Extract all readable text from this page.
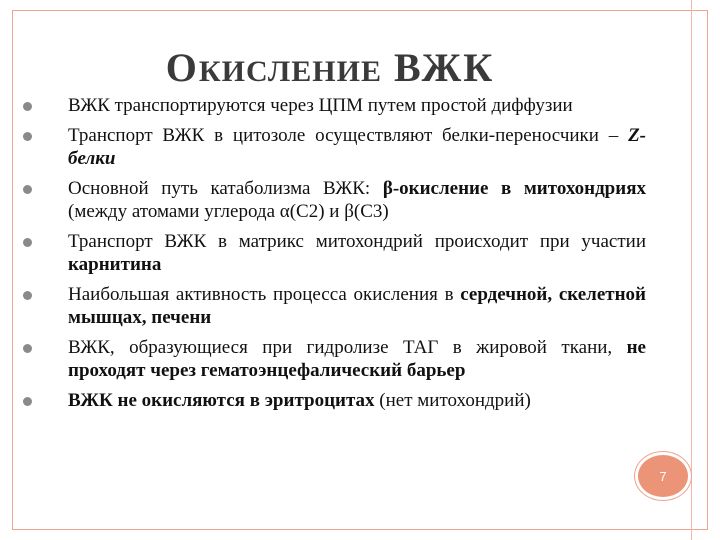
ОКИСЛЕНИЕ ВЖК
ВЖК транспортируются через ЦПМ путем простой диффузии
Транспорт ВЖК в цитозоле осуществляют белки-переносчики – Z-белки
Основной путь катаболизма ВЖК: β-окисление в митохондриях (между атомами углерода α(С2) и β(С3)
Транспорт ВЖК в матрикс митохондрий происходит при участии карнитина
Наибольшая активность процесса окисления в сердечной, скелетной мышцах, печени
ВЖК, образующиеся при гидролизе ТАГ в жировой ткани, не проходят через гематоэнцефалический барьер
ВЖК не окисляются в эритроцитах (нет митохондрий)
7
